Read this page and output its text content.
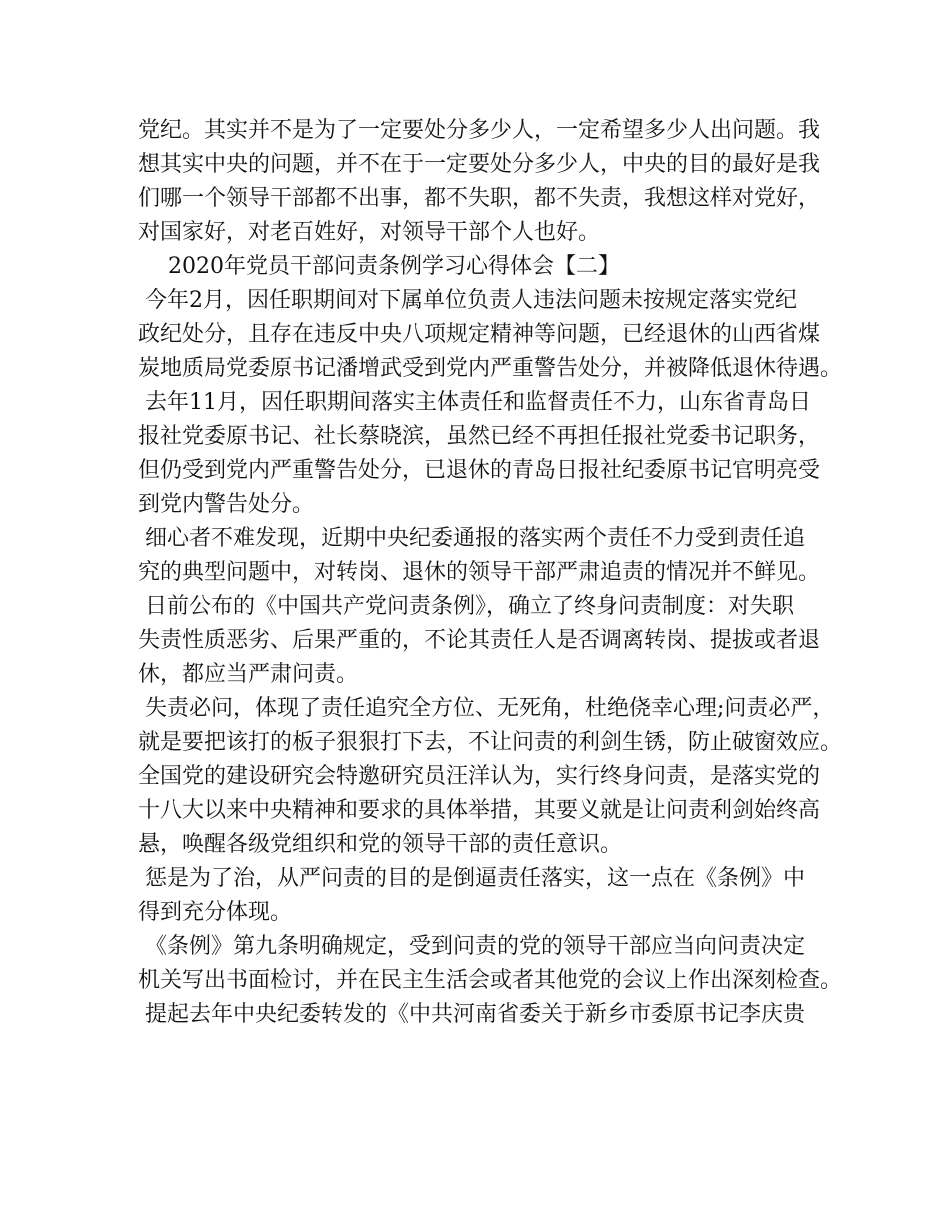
党纪。其实并不是为了一定要处分多少人，一定希望多少人出问题。我
想其实中央的问题，并不在于一定要处分多少人，中央的目的最好是我
们哪一个领导干部都不出事，都不失职，都不失责，我想这样对党好，
对国家好，对老百姓好，对领导干部个人也好。
2020年党员干部问责条例学习心得体会【二】
今年2月，因任职期间对下属单位负责人违法问题未按规定落实党纪
政纪处分，且存在违反中央八项规定精神等问题，已经退休的山西省煤
炭地质局党委原书记潘增武受到党内严重警告处分，并被降低退休待遇。
去年11月，因任职期间落实主体责任和监督责任不力，山东省青岛日
报社党委原书记、社长蔡晓滨，虽然已经不再担任报社党委书记职务，
但仍受到党内严重警告处分，已退休的青岛日报社纪委原书记官明亮受
到党内警告处分。
细心者不难发现，近期中央纪委通报的落实两个责任不力受到责任追
究的典型问题中，对转岗、退休的领导干部严肃追责的情况并不鲜见。
日前公布的《中国共产党问责条例》，确立了终身问责制度：对失职
失责性质恶劣、后果严重的，不论其责任人是否调离转岗、提拔或者退
休，都应当严肃问责。
失责必问，体现了责任追究全方位、无死角，杜绝侥幸心理;问责必严，
就是要把该打的板子狠狠打下去，不让问责的利剑生锈，防止破窗效应。
全国党的建设研究会特邀研究员汪洋认为，实行终身问责，是落实党的
十八大以来中央精神和要求的具体举措，其要义就是让问责利剑始终高
悬，唤醒各级党组织和党的领导干部的责任意识。
惩是为了治，从严问责的目的是倒逼责任落实，这一点在《条例》中
得到充分体现。
《条例》第九条明确规定，受到问责的党的领导干部应当向问责决定
机关写出书面检讨，并在民主生活会或者其他党的会议上作出深刻检查。
提起去年中央纪委转发的《中共河南省委关于新乡市委原书记李庆贵
